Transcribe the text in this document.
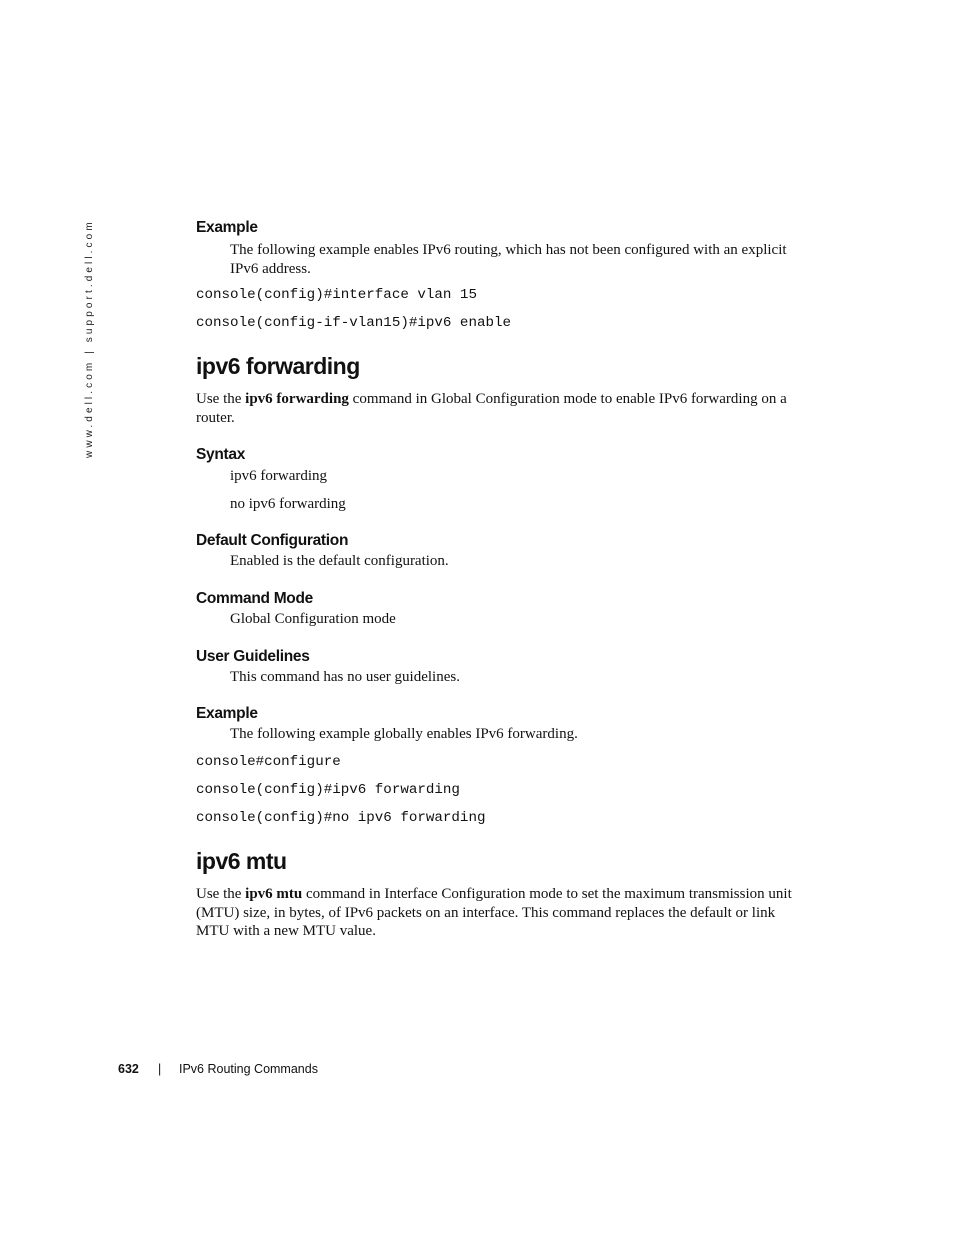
www.dell.com | support.dell.com	Example
The following example enables IPv6 routing, which has not been configured with an explicit IPv6 address.
console(config)#interface vlan 15
console(config-if-vlan15)#ipv6 enable
ipv6 forwarding
Use the ipv6 forwarding command in Global Configuration mode to enable IPv6 forwarding on a router.
Syntax
ipv6 forwarding
no ipv6 forwarding
Default Configuration
Enabled is the default configuration.
Command Mode
Global Configuration mode
User Guidelines
This command has no user guidelines.
Example
The following example globally enables IPv6 forwarding.
console#configure
console(config)#ipv6 forwarding
console(config)#no ipv6 forwarding
ipv6 mtu
Use the ipv6 mtu command in Interface Configuration mode to set the maximum transmission unit (MTU) size, in bytes, of IPv6 packets on an interface. This command replaces the default or link MTU with a new MTU value.
632 | IPv6 Routing Commands
